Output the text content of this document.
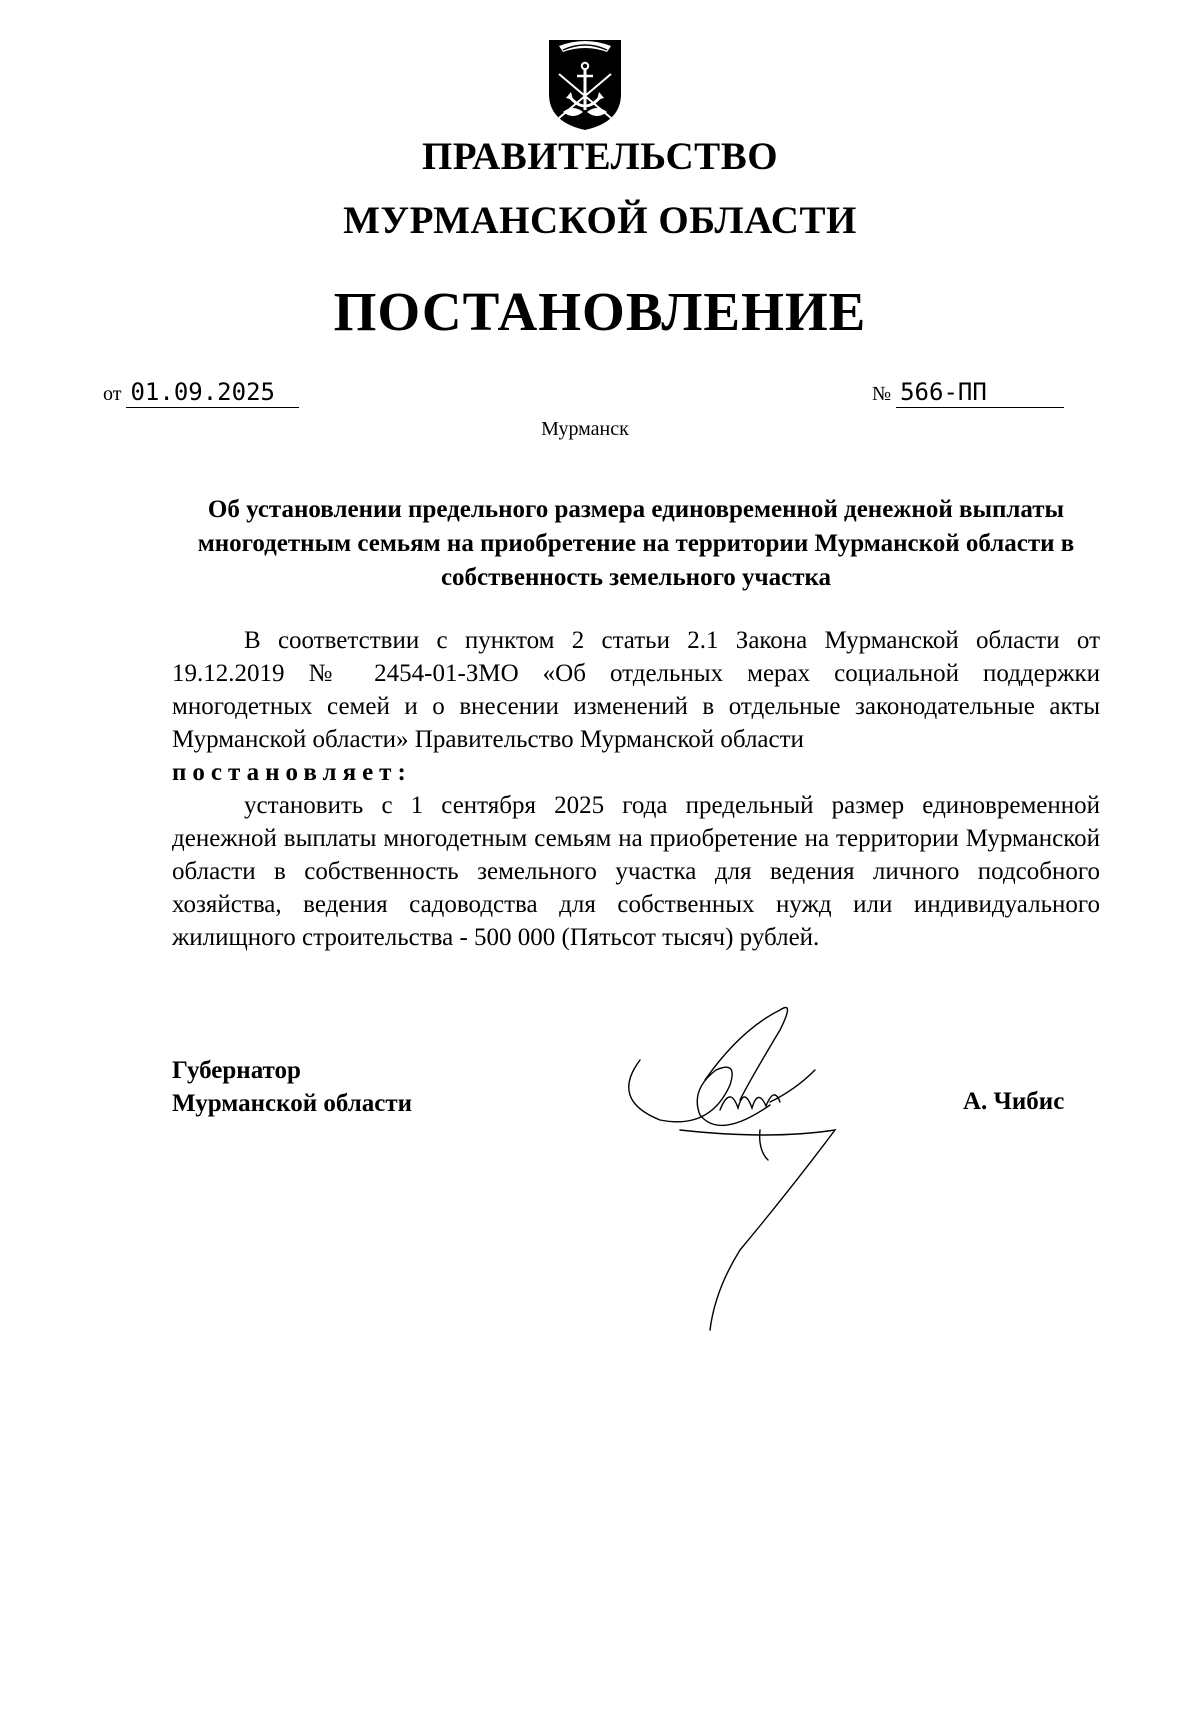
ПРАВИТЕЛЬСТВО
МУРМАНСКОЙ ОБЛАСТИ
ПОСТАНОВЛЕНИЕ
от 01.09.2025	№ 566-ПП
Мурманск
Об установлении предельного размера единовременной денежной выплаты многодетным семьям на приобретение на территории Мурманской области в собственность земельного участка

В соответствии с пунктом 2 статьи 2.1 Закона Мурманской области от 19.12.2019 № 2454-01-ЗМО «Об отдельных мерах социальной поддержки многодетных семей и о внесении изменений в отдельные законодательные акты Мурманской области» Правительство Мурманской области
постановляет:

установить с 1 сентября 2025 года предельный размер единовременной денежной выплаты многодетным семьям на приобретение на территории Мурманской области в собственность земельного участка для ведения личного подсобного хозяйства, ведения садоводства для собственных нужд или индивидуального жилищного строительства - 500 000 (Пятьсот тысяч) рублей.

Губернатор
Мурманской области	А. Чибис
